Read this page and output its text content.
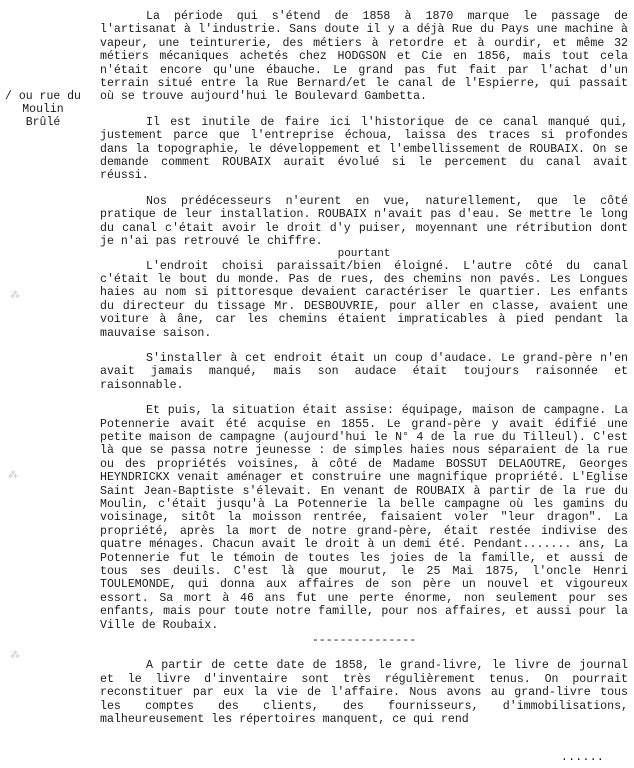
/ ou rue du Moulin Brûlé

La période qui s'étend de 1858 à 1870 marque le passage de l'artisanat à l'industrie. Sans doute il y a déjà Rue du Pays une machine à vapeur, une teinturerie, des métiers à retordre et à ourdir, et même 32 métiers mécaniques achetés chez HODGSON et Cie en 1856, mais tout cela n'était encore qu'une ébauche. Le grand pas fut fait par l'achat d'un terrain situé entre la Rue Bernard/et le canal de l'Espierre, qui passait où se trouve aujourd'hui le Boulevard Gambetta.

Il est inutile de faire ici l'historique de ce canal manqué qui, justement parce que l'entreprise échoua, laissa des traces si profondes dans la topographie, le développement et l'embellissement de ROUBAIX. On se demande comment ROUBAIX aurait évolué si le percement du canal avait réussi.

Nos prédécesseurs n'eurent en vue, naturellement, que le côté pratique de leur installation. ROUBAIX n'avait pas d'eau. Se mettre le long du canal c'était avoir le droit d'y puiser, moyennant une rétribution dont je n'ai pas retrouvé le chiffre.

pourtant

L'endroit choisi paraissait/bien éloigné. L'autre côté du canal c'était le bout du monde. Pas de rues, des chemins non pavés. Les Longues haies au nom si pittoresque devaient caractériser le quartier. Les enfants du directeur du tissage Mr. DESBOUVRIE, pour aller en classe, avaient une voiture à âne, car les chemins étaient impraticables à pied pendant la mauvaise saison.

S'installer à cet endroit était un coup d'audace. Le grand-père n'en avait jamais manqué, mais son audace était toujours raisonnée et raisonnable.

Et puis, la situation était assise: équipage, maison de campagne. La Potennerie avait été acquise en 1855. Le grand-père y avait édifié une petite maison de campagne (aujourd'hui le N° 4 de la rue du Tilleul). C'est là que se passa notre jeunesse : de simples haies nous séparaient de la rue ou des propriétés voisines, à côté de Madame BOSSUT DELAOUTRE, Georges HEYNDRICKX venait aménager et construire une magnifique propriété. L'Eglise Saint Jean-Baptiste s'élevait. En venant de ROUBAIX à partir de la rue du Moulin, c'était jusqu'à La Potennerie la belle campagne où les gamins du voisinage, sitôt la moisson rentrée, faisaient voler "leur dragon". La propriété, après la mort de notre grand-père, était restée indivise des quatre ménages. Chacun avait le droit à un demi été. Pendant....... ans, La Potennerie fut le témoin de toutes les joies de la famille, et aussi de tous ses deuils. C'est là que mourut, le 25 Mai 1875, l'oncle Henri TOULEMONDE, qui donna aux affaires de son père un nouvel et vigoureux essort. Sa mort à 46 ans fut une perte énorme, non seulement pour ses enfants, mais pour toute notre famille, pour nos affaires, et aussi pour la Ville de Roubaix.

---------------

A partir de cette date de 1858, le grand-livre, le livre de journal et le livre d'inventaire sont très régulièrement tenus. On pourrait reconstituer par eux la vie de l'affaire. Nous avons au grand-livre tous les comptes des clients, des fournisseurs, d'immobilisations, malheureusement les répertoires manquent, ce qui rend

......
⁂
⁂
⁂
